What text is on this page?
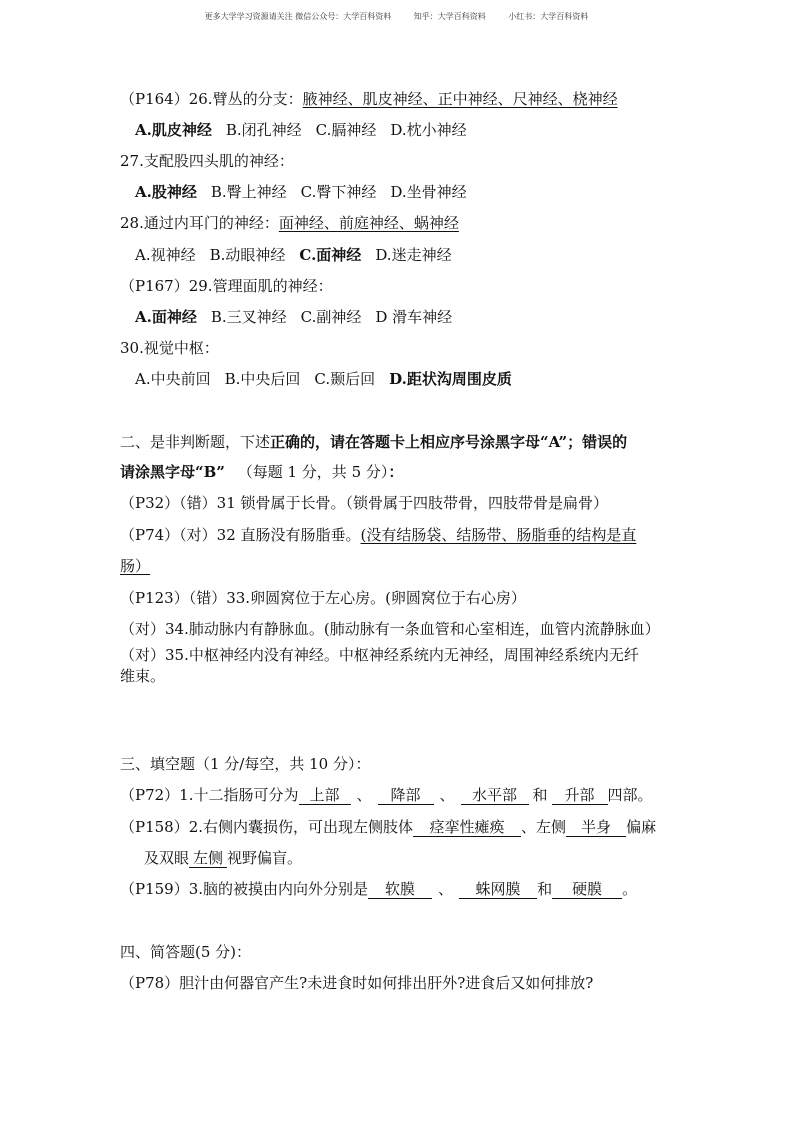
更多大学学习资源请关注 微信公众号：大学百科资料	知乎：大学百科资料	小红书：大学百科资料
（P164）26.臂丛的分支：腋神经、肌皮神经、正中神经、尺神经、桡神经
A.肌皮神经 B.闭孔神经 C.膈神经 D.枕小神经
27.支配股四头肌的神经：
A.股神经 B.臀上神经 C.臀下神经 D.坐骨神经
28.通过内耳门的神经：面神经、前庭神经、蜗神经
A.视神经 B.动眼神经 C.面神经 D.迷走神经
（P167）29.管理面肌的神经：
A.面神经 B.三叉神经 C.副神经 D 滑车神经
30.视觉中枢：
A.中央前回 B.中央后回 C.颞后回 D.距状沟周围皮质
二、是非判断题，下述正确的，请在答题卡上相应序号涂黑字母“A”；错误的
请涂黑字母“B” （每题 1 分，共 5 分）：
（P32）（错）31 锁骨属于长骨。（锁骨属于四肢带骨，四肢带骨是扁骨）
（P74）（对）32 直肠没有肠脂垂。(没有结肠袋、结肠带、肠脂垂的结构是直
肠）
（P123）（错）33.卵圆窝位于左心房。(卵圆窝位于右心房）
（对）34.肺动脉内有静脉血。(肺动脉有一条血管和心室相连，血管内流静脉血）
（对）35.中枢神经内没有神经。中枢神经系统内无神经，周围神经系统内无纤
维束。
三、填空题（1 分/每空，共 10 分）：
（P72）1.十二指肠可分为 上部 、 降部 、 水平部 和 升部 四部。
（P158）2.右侧内囊损伤，可出现左侧肢体 痉挛性瘫痪 、左侧 半身 偏麻
及双眼 左侧 视野偏盲。
（P159）3.脑的被摸由内向外分别是 软膜 、 蛛网膜 和 硬膜 。
四、简答题(5 分)：
（P78）胆汁由何器官产生?未进食时如何排出肝外?进食后又如何排放?
